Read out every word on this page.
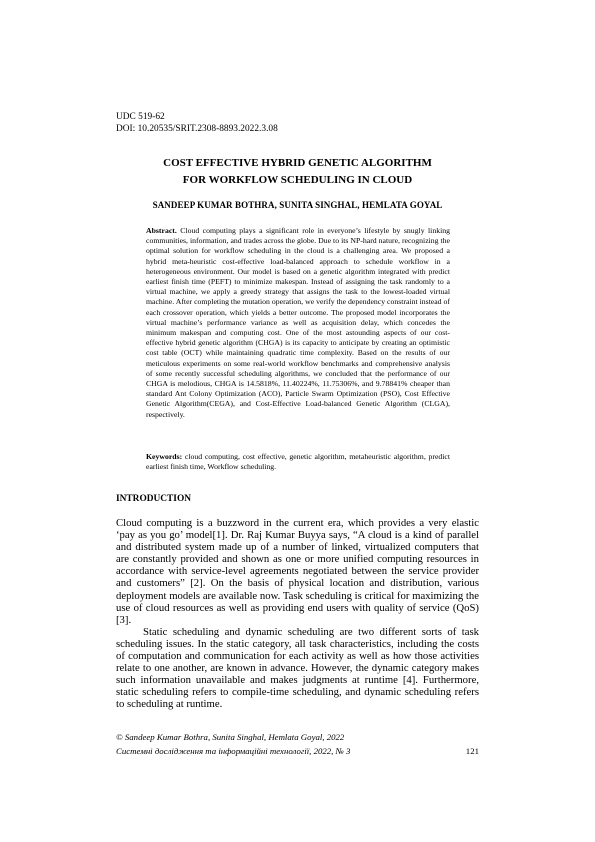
UDC 519-62
DOI: 10.20535/SRIT.2308-8893.2022.3.08
COST EFFECTIVE HYBRID GENETIC ALGORITHM
FOR WORKFLOW SCHEDULING IN CLOUD
SANDEEP KUMAR BOTHRA, SUNITA SINGHAL, HEMLATA GOYAL
Abstract. Cloud computing plays a significant role in everyone’s lifestyle by snugly linking communities, information, and trades across the globe. Due to its NP-hard nature, recognizing the optimal solution for workflow scheduling in the cloud is a challenging area. We proposed a hybrid meta-heuristic cost-effective load-balanced approach to schedule workflow in a heterogeneous environment. Our model is based on a genetic algorithm integrated with predict earliest finish time (PEFT) to minimize makespan. Instead of assigning the task randomly to a virtual machine, we apply a greedy strategy that assigns the task to the lowest-loaded virtual machine. After completing the mutation operation, we verify the dependency constraint instead of each crossover operation, which yields a better outcome. The proposed model incorporates the virtual machine’s performance variance as well as acquisition delay, which concedes the minimum makespan and computing cost. One of the most astounding aspects of our cost-effective hybrid genetic algorithm (CHGA) is its capacity to anticipate by creating an optimistic cost table (OCT) while maintaining quadratic time complexity. Based on the results of our meticulous experiments on some real-world workflow benchmarks and comprehensive analysis of some recently successful scheduling algorithms, we concluded that the performance of our CHGA is melodious, CHGA is 14.5818%, 11.40224%, 11.75306%, and 9.78841% cheaper than standard Ant Colony Optimization (ACO), Particle Swarm Optimization (PSO), Cost Effective Genetic Algorithm(CEGA), and Cost-Effective Load-balanced Genetic Algorithm (CLGA), respectively.
Keywords: cloud computing, cost effective, genetic algorithm, metaheuristic algorithm, predict earliest finish time, Workflow scheduling.
INTRODUCTION

Cloud computing is a buzzword in the current era, which provides a very elastic ‘pay as you go’ model[1]. Dr. Raj Kumar Buyya says, “A cloud is a kind of parallel and distributed system made up of a number of linked, virtualized computers that are constantly provided and shown as one or more unified computing resources in accordance with service-level agreements negotiated between the service provider and customers” [2]. On the basis of physical location and distribution, various deployment models are available now. Task scheduling is critical for maximizing the use of cloud resources as well as providing end users with quality of service (QoS) [3].

Static scheduling and dynamic scheduling are two different sorts of task scheduling issues. In the static category, all task characteristics, including the costs of computation and communication for each activity as well as how those activities relate to one another, are known in advance. However, the dynamic category makes such information unavailable and makes judgments at runtime [4]. Furthermore, static scheduling refers to compile-time scheduling, and dynamic scheduling refers to scheduling at runtime.

© Sandeep Kumar Bothra, Sunita Singhal, Hemlata Goyal, 2022
Системні дослідження та інформаційні технології, 2022, № 3	121
